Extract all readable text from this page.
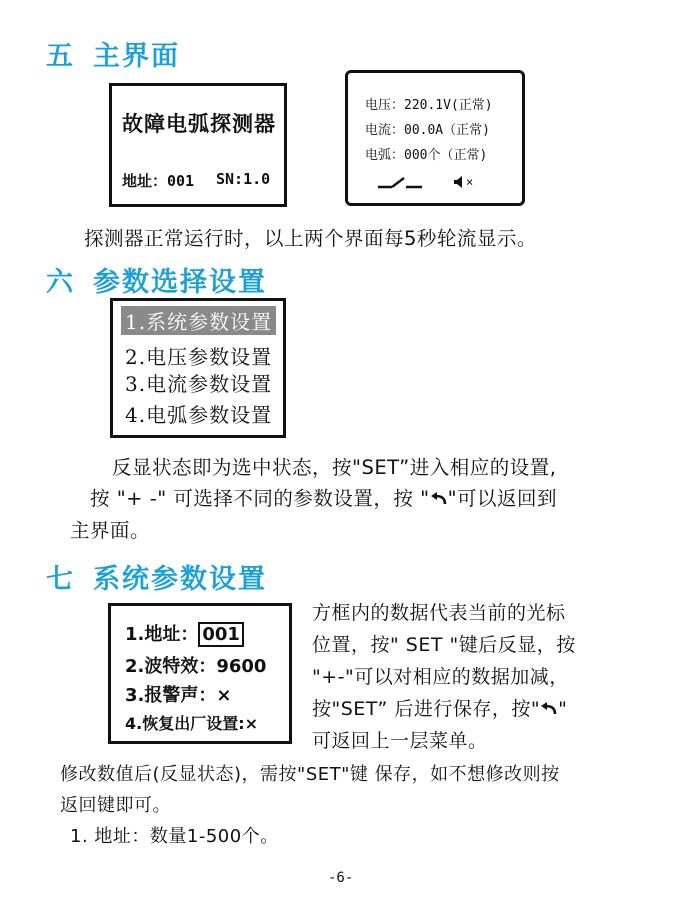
五 主界面
故障电弧探测器
地址：001 SN:1.0
电压：220.1V(正常)
电流：00.0A（正常)
电弧：000个（正常)
×
探测器正常运行时，以上两个界面每5秒轮流显示。
六 参数选择设置
1.系统参数设置
2.电压参数设置
3.电流参数设置
4.电弧参数设置
反显状态即为选中状态，按"SET”进入相应的设置,
按 "+ -" 可选择不同的参数设置，按 " "可以返回到
主界面。
七 系统参数设置
1.地址： 001
2.波特效：9600
3.报警声：×
4.恢复出厂设置:×
方框内的数据代表当前的光标
位置，按" SET "键后反显，按
"+-"可以对相应的数据加减，
按"SET” 后进行保存，按" "
可返回上一层菜单。
修改数值后(反显状态)，需按"SET"键 保存，如不想修改则按
返回键即可。
1. 地址：数量1-500个。
-6-
